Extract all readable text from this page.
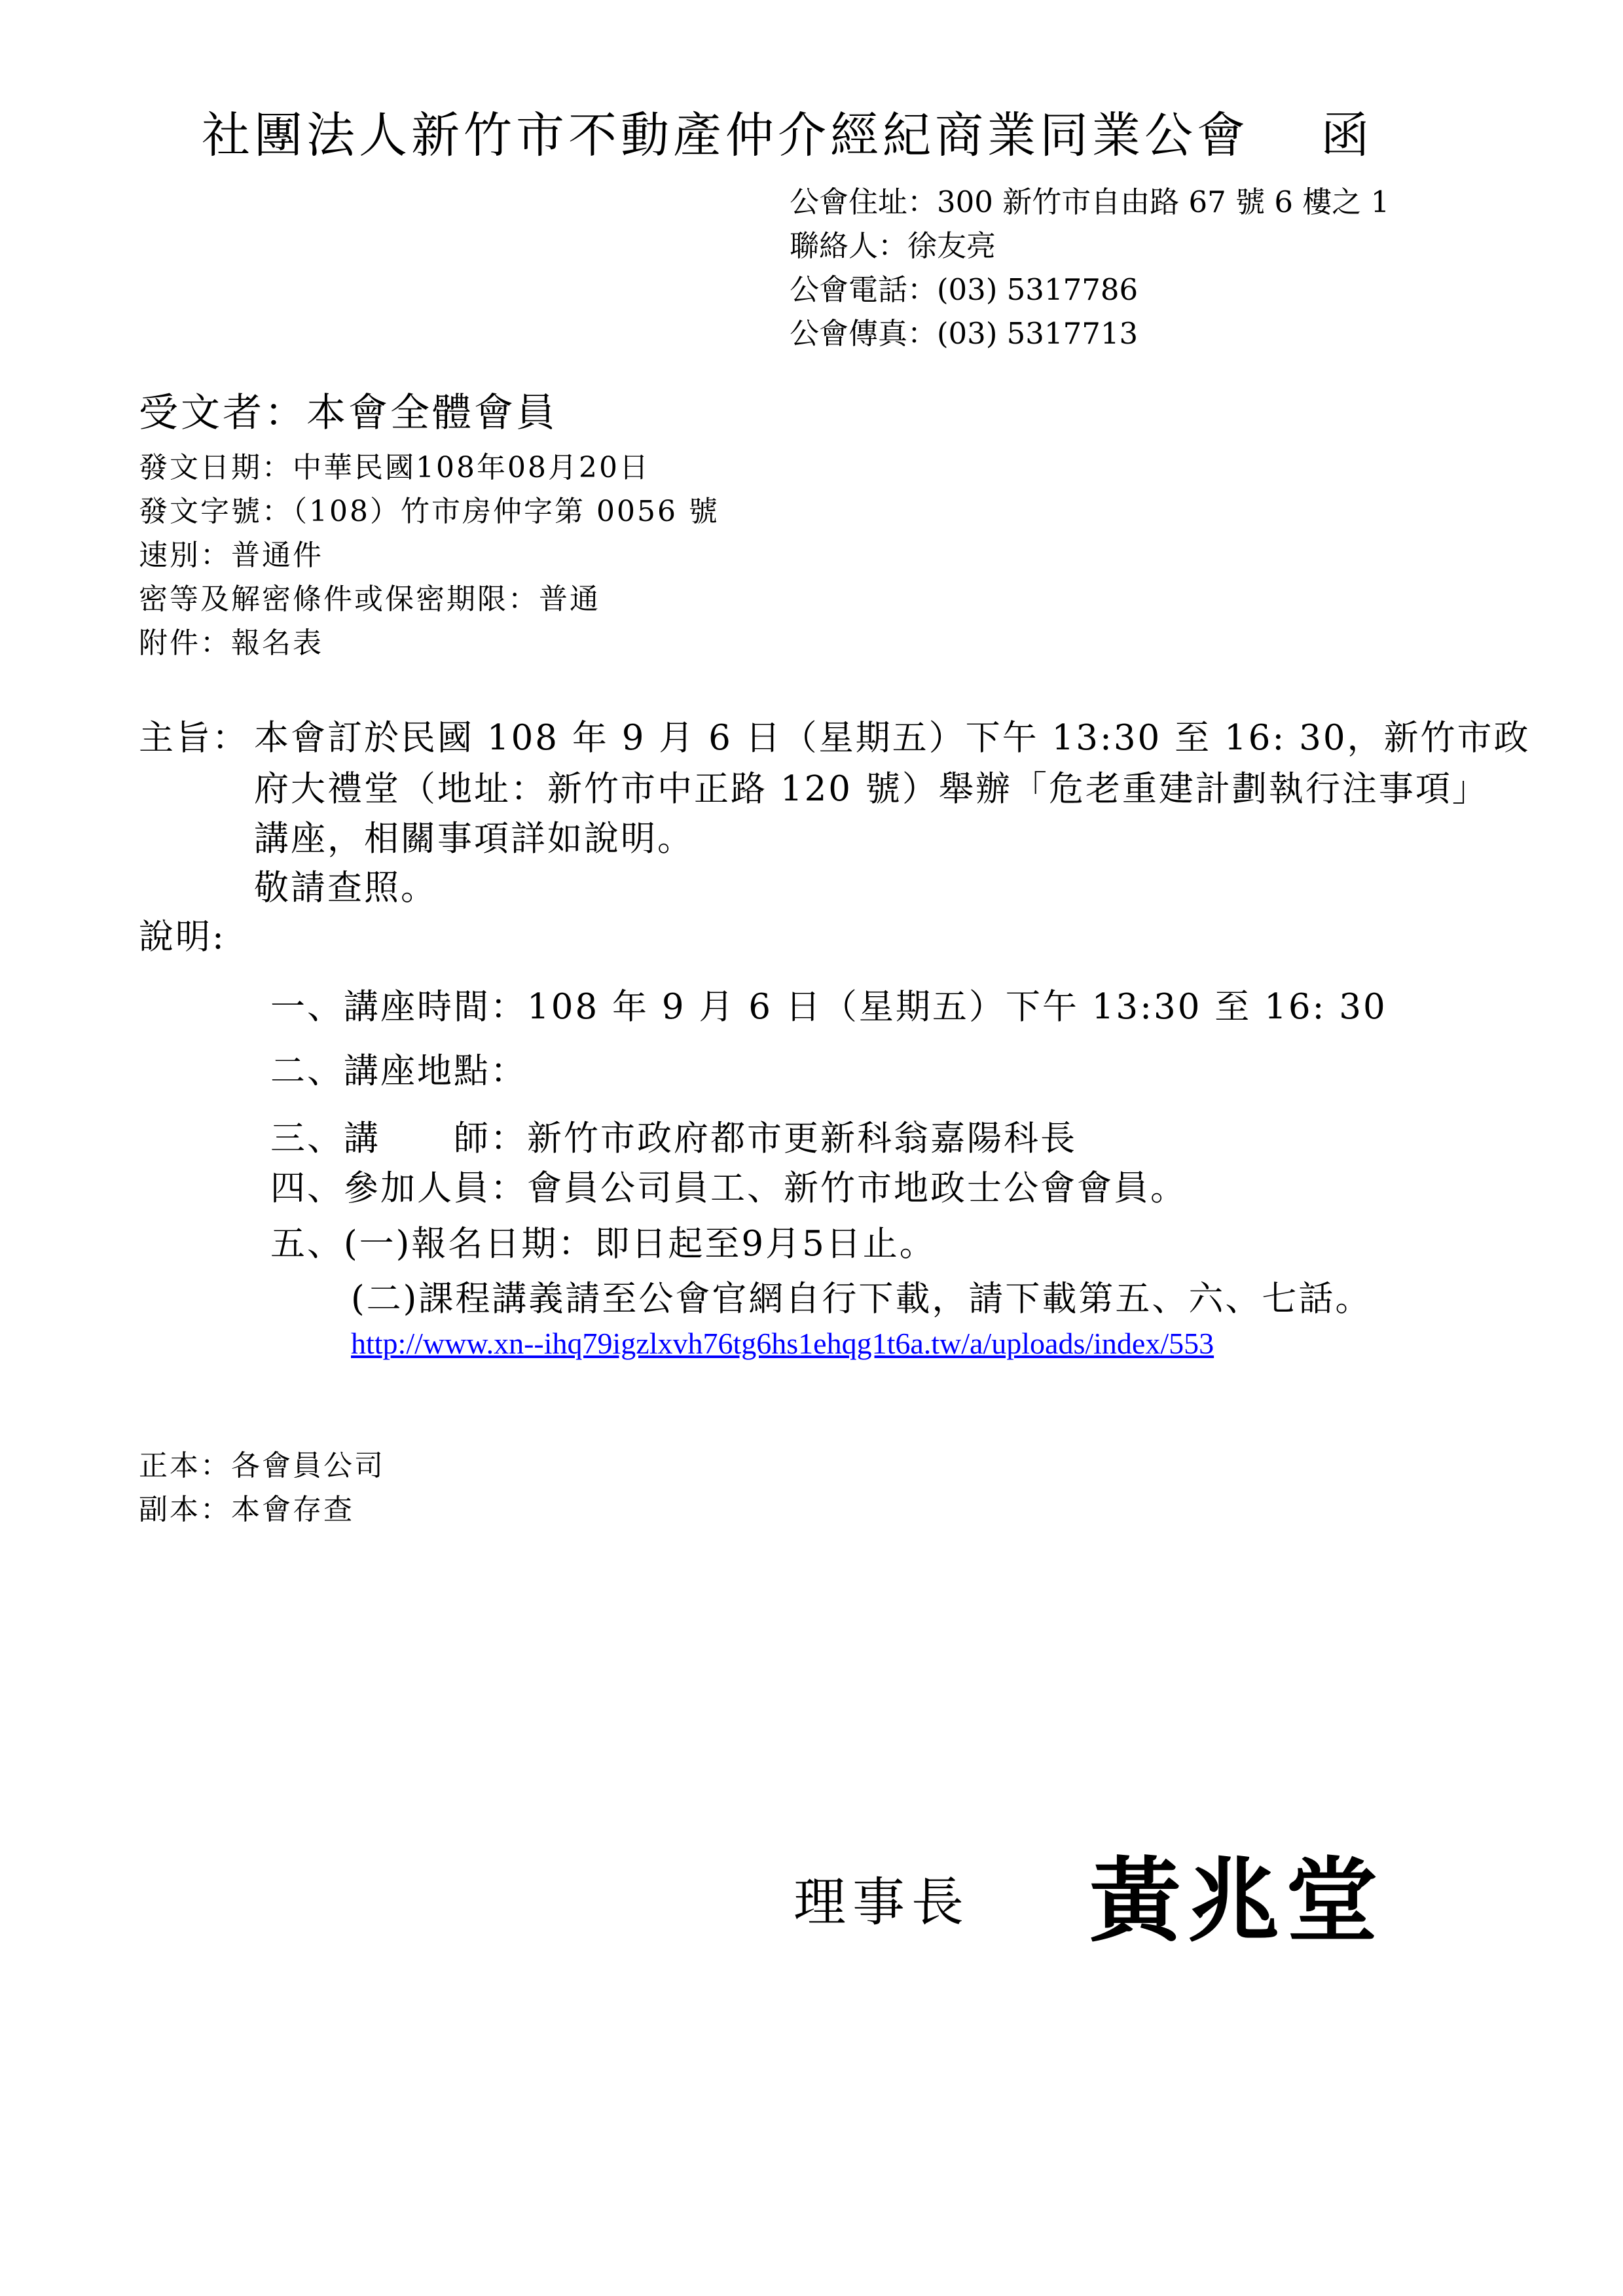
社團法人新竹市不動產仲介經紀商業同業公會　 函
公會住址：300 新竹市自由路 67 號 6 樓之 1
聯絡人：徐友亮
公會電話：(03) 5317786
公會傳真：(03) 5317713
受文者：本會全體會員
發文日期：中華民國108年08月20日
發文字號：（108）竹市房仲字第 0056 號
速別：普通件
密等及解密條件或保密期限：普通
附件：報名表
主旨： 本會訂於民國 108 年 9 月 6 日（星期五）下午 13:30 至 16: 30，新竹市政
府大禮堂（地址：新竹市中正路 120 號）舉辦「危老重建計劃執行注事項」
講座，相關事項詳如說明。
敬請查照。
說明:
一、講座時間：108 年 9 月 6 日（星期五）下午 13:30 至 16: 30
二、講座地點：
三、講　　師：新竹市政府都市更新科翁嘉陽科長
四、參加人員：會員公司員工、新竹市地政士公會會員。
五、(一)報名日期：即日起至9月5日止。
(二)課程講義請至公會官網自行下載，請下載第五、六、七話。
http://www.xn--ihq79igzlxvh76tg6hs1ehqg1t6a.tw/a/uploads/index/553
正本：各會員公司
副本：本會存查
理事長 黃兆堂
